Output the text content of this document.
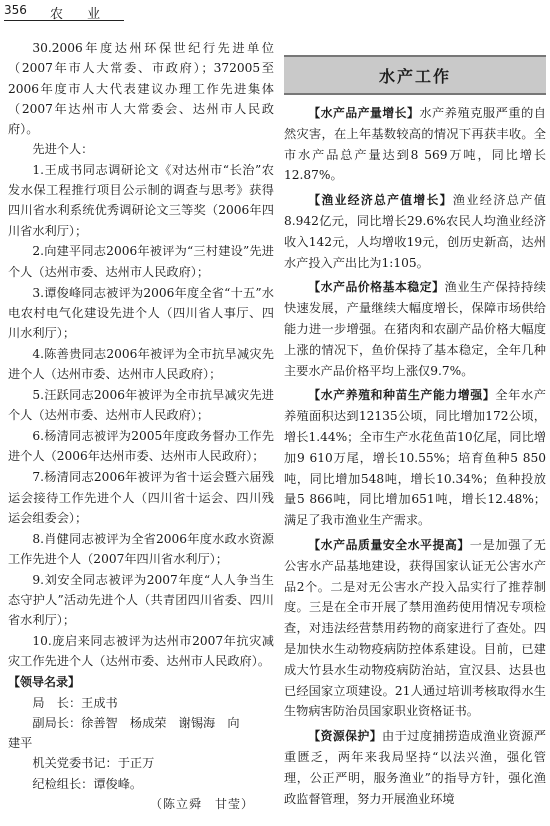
356 农 业

30.2006年度达州环保世纪行先进单位（2007年市人大常委、市政府）；372005至2006年度市人大代表建议办理工作先进集体（2007年达州市人大常委会、达州市人民政府）。

先进个人：

1.王成书同志调研论文《对达州市“长治”农发水保工程推行项目公示制的调查与思考》获得四川省水利系统优秀调研论文三等奖（2006年四川省水利厅）；

2.向建平同志2006年被评为“三村建设”先进个人（达州市委、达州市人民政府）；

3.谭俊峰同志被评为2006年度全省“十五”水电农村电气化建设先进个人（四川省人事厅、四川水利厅）；

4.陈善贵同志2006年被评为全市抗旱减灾先进个人（达州市委、达州市人民政府）；

5.汪跃同志2006年被评为全市抗旱减灾先进个人（达州市委、达州市人民政府）；

6.杨清同志被评为2005年度政务督办工作先进个人（2006年达州市委、达州市人民政府）；

7.杨清同志2006年被评为省十运会暨六届残运会接待工作先进个人（四川省十运会、四川残运会组委会）；

8.肖健同志被评为全省2006年度水政水资源工作先进个人（2007年四川省水利厅）；

9.刘安全同志被评为2007年度“人人争当生态守护人”活动先进个人（共青团四川省委、四川省水利厅）；

10.庞启来同志被评为达州市2007年抗灾减灾工作先进个人（达州市委、达州市人民政府）。

【领导名录】

局　长：王成书

副局长：徐善智　杨成荣　谢锡海　向

建平

机关党委书记：于正万

纪检组长：谭俊峰。

（陈立舜　甘莹）

水产工作

【水产品产量增长】水产养殖克服严重的自然灾害，在上年基数较高的情况下再获丰收。全市水产品总产量达到8 569万吨，同比增长12.87%。

【渔业经济总产值增长】渔业经济总产值8.942亿元，同比增长29.6%农民人均渔业经济收入142元，人均增收19元，创历史新高，达州水产投入产出比为1:105。

【水产品价格基本稳定】渔业生产保持持续快速发展，产量继续大幅度增长，保障市场供给能力进一步增强。在猪肉和农副产品价格大幅度上涨的情况下，鱼价保持了基本稳定，全年几种主要水产品价格平均上涨仅9.7%。

【水产养殖和种苗生产能力增强】全年水产养殖面积达到12135公顷，同比增加172公顷，增长1.44%；全市生产水花鱼苗10亿尾，同比增加9 610万尾，增长10.55%；培育鱼种5 850吨，同比增加548吨，增长10.34%；鱼种投放量5 866吨，同比增加651吨，增长12.48%；满足了我市渔业生产需求。

【水产品质量安全水平提高】一是加强了无公害水产品基地建设，获得国家认证无公害水产品2个。二是对无公害水产投入品实行了推荐制度。三是在全市开展了禁用渔药使用情况专项检查，对违法经营禁用药物的商家进行了查处。四是加快水生动物疫病防控体系建设。目前，已建成大竹县水生动物疫病防治站，宣汉县、达县也已经国家立项建设。21人通过培训考核取得水生生物病害防治员国家职业资格证书。

【资源保护】由于过度捕捞造成渔业资源严重匮乏，两年来我局坚持“以法兴渔，强化管理，公正严明，服务渔业”的指导方针，强化渔政监督管理，努力开展渔业环境
